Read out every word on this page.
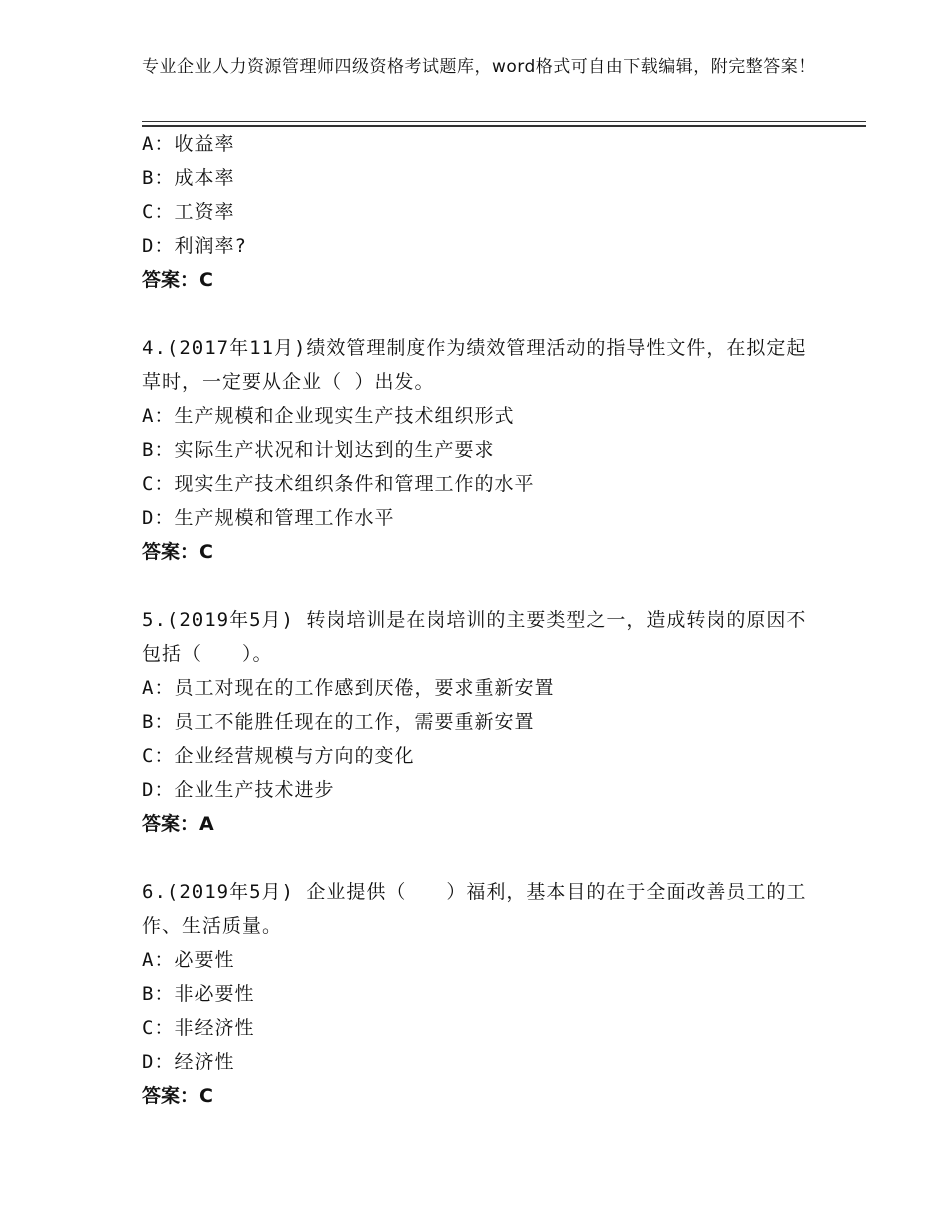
专业企业人力资源管理师四级资格考试题库，word格式可自由下载编辑，附完整答案！
A：收益率
B：成本率
C：工资率
D：利润率?
答案：C
4.(2017年11月)绩效管理制度作为绩效管理活动的指导性文件，在拟定起草时，一定要从企业（ ）出发。
A：生产规模和企业现实生产技术组织形式
B：实际生产状况和计划达到的生产要求
C：现实生产技术组织条件和管理工作的水平
D：生产规模和管理工作水平
答案：C
5.(2019年5月) 转岗培训是在岗培训的主要类型之一，造成转岗的原因不包括（　　）。
A：员工对现在的工作感到厌倦，要求重新安置
B：员工不能胜任现在的工作，需要重新安置
C：企业经营规模与方向的变化
D：企业生产技术进步
答案：A
6.(2019年5月) 企业提供（　　）福利，基本目的在于全面改善员工的工作、生活质量。
A：必要性
B：非必要性
C：非经济性
D：经济性
答案：C
